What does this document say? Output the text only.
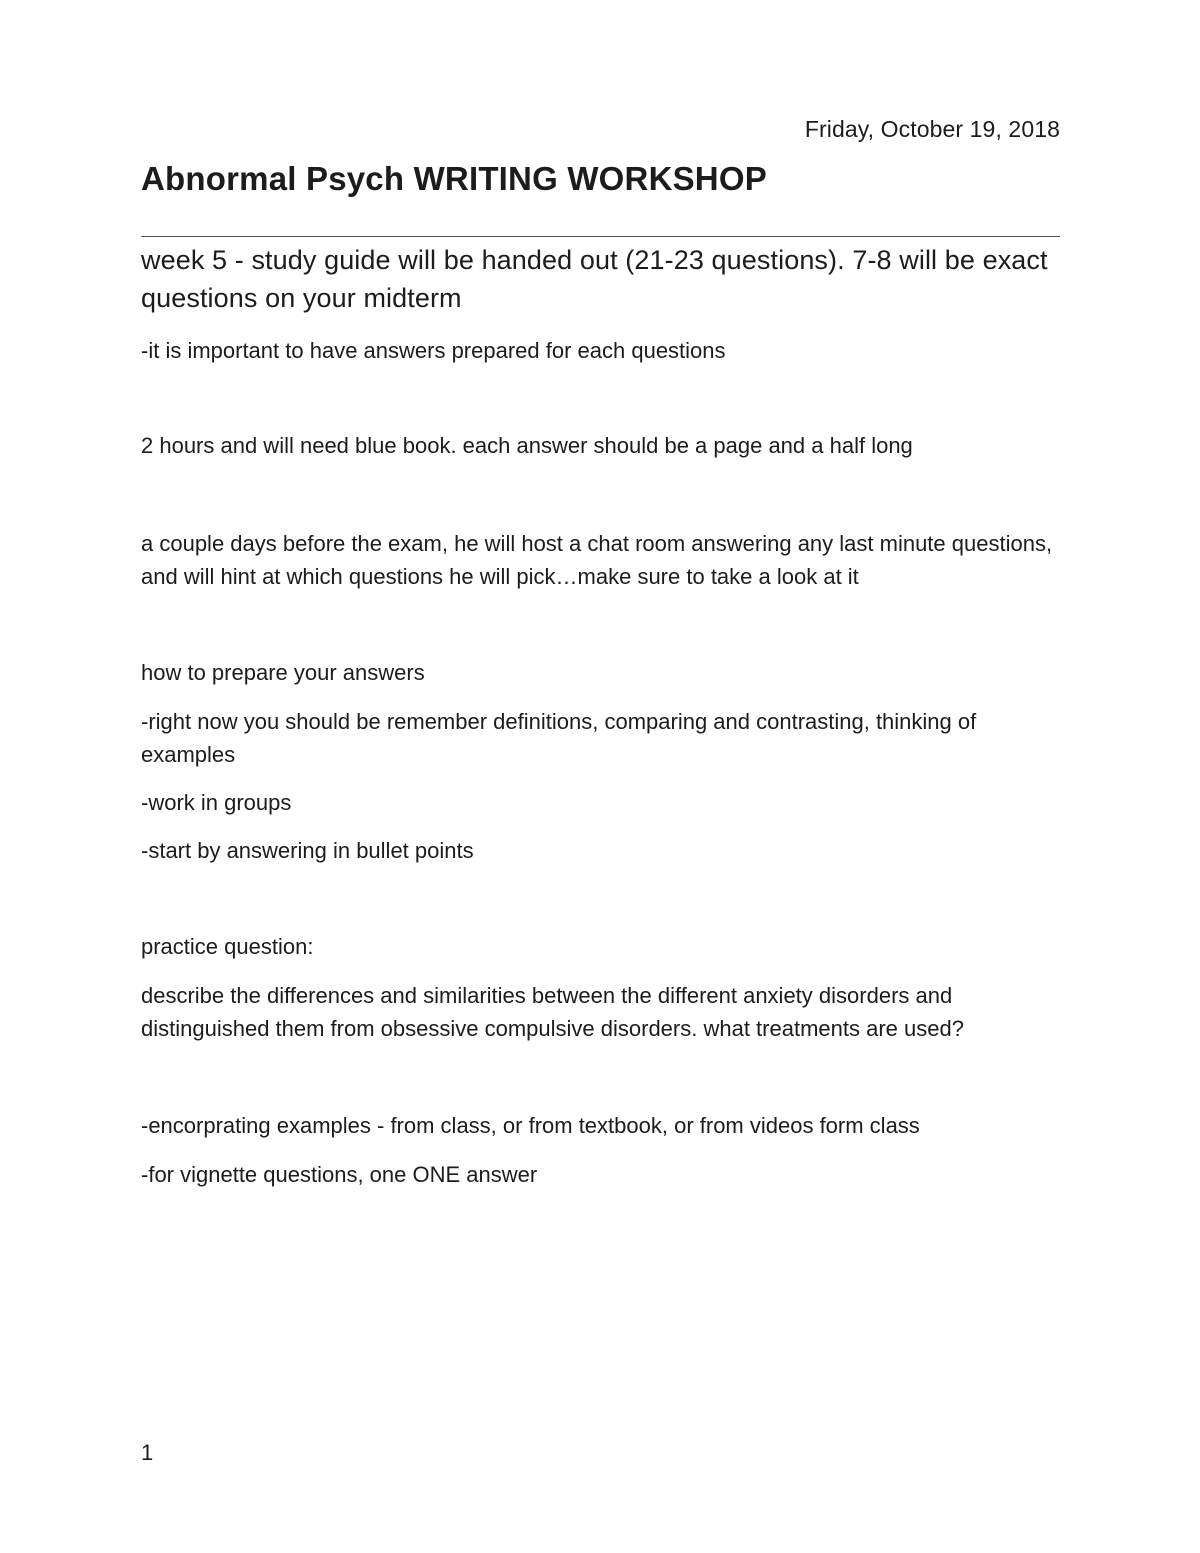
Friday, October 19, 2018
Abnormal Psych WRITING WORKSHOP
week 5 - study guide will be handed out (21-23 questions). 7-8 will be exact questions on your midterm

-it is important to have answers prepared for each questions

2 hours and will need blue book. each answer should be a page and a half long

a couple days before the exam, he will host a chat room answering any last minute questions, and will hint at which questions he will pick…make sure to take a look at it

how to prepare your answers

-right now you should be remember definitions, comparing and contrasting, thinking of examples

-work in groups

-start by answering in bullet points

practice question:

describe the differences and similarities between the different anxiety disorders and distinguished them from obsessive compulsive disorders. what treatments are used?

-encorprating examples - from class, or from textbook, or from videos form class

-for vignette questions, one ONE answer

1
